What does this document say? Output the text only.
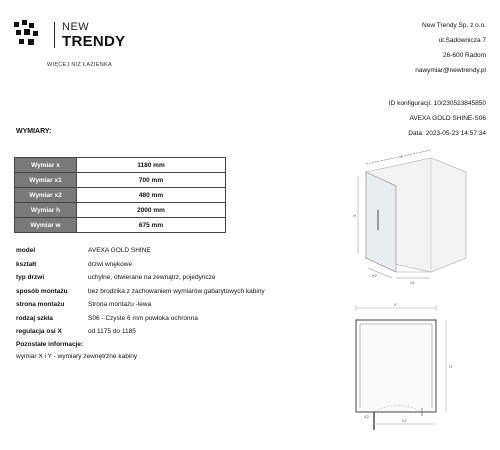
NEW
TRENDY
WIĘCEJ NIŻ ŁAZIENKA
New Trendy Sp. z o.o.
ul.Sadownicza 7
26-600 Radom
nawymiar@newtrendy.pl
ID konfiguracji: 10/230523845850
AVEXA GOLD SHINE-S06
Data: 2023-05-23 14:57:34
WYMIARY:
Wymiar x	1180 mm
Wymiar x1	700 mm
Wymiar x2	480 mm
Wymiar h	2000 mm
Wymiar w	675 mm
model	AVEXA GOLD SHINE
kształt	drzwi wnękowe
typ drzwi	uchylne, otwierane na zewnątrz, pojedyncze
sposób montażu	bez brodzika z zachowaniem wymiarów gabarytowych kabiny
strona montażu	Strona montażu -lewa
rodzaj szkła	S06 - Czyste 6 mm powłoka ochronna
regulacja osi X	od 1175 do 1185
Pozostałe informacje:
wymiar X i Y - wymiary zewnętrzne kabiny
X
H
X2
X1
X
H
X2
X1
